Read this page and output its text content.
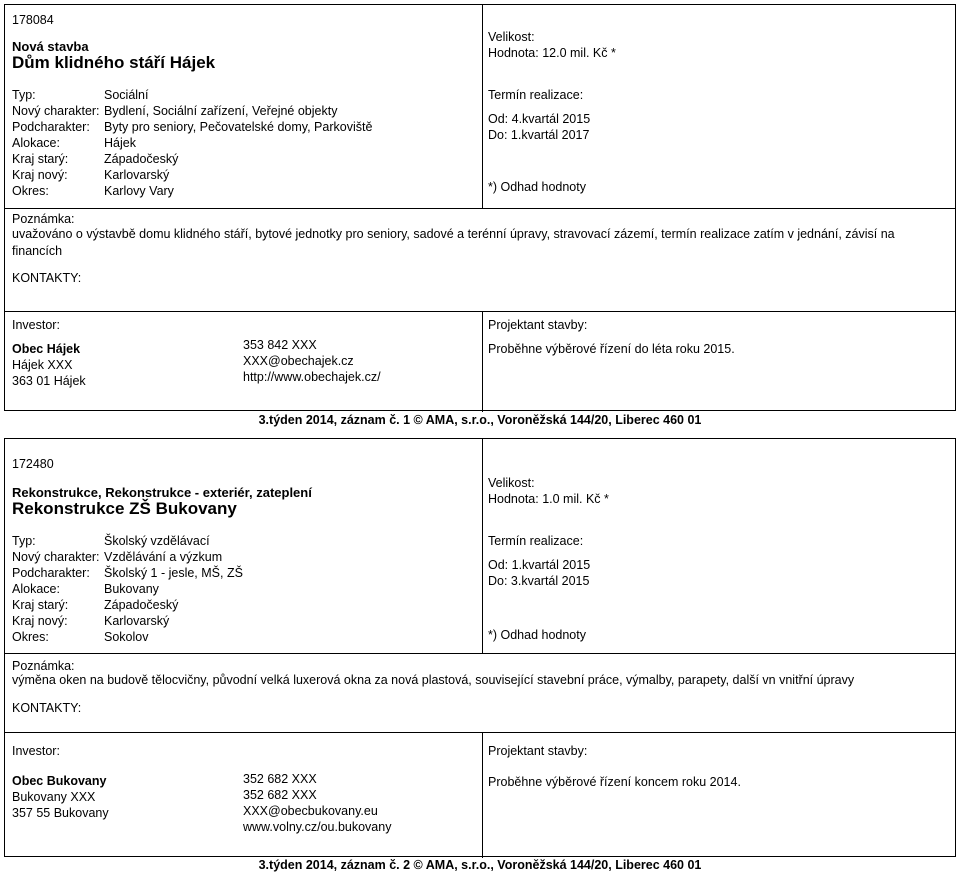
178084
Nová stavba
Dům klidného stáří Hájek
Typ:	Sociální
Nový charakter: Bydlení, Sociální zařízení, Veřejné objekty
Podcharakter: Byty pro seniory, Pečovatelské domy, Parkoviště
Alokace:	Hájek
Kraj starý:	Západočeský
Kraj nový:	Karlovarský
Okres:	Karlovy Vary
Velikost:
Hodnota: 12.0 mil. Kč *
Termín realizace:
Od: 4.kvartál 2015
Do: 1.kvartál 2017
*) Odhad hodnoty
Poznámka:
uvažováno o výstavbě domu klidného stáří, bytové jednotky pro seniory, sadové a terénní úpravy, stravovací zázemí, termín realizace zatím v jednání, závisí na financích
KONTAKTY:
Investor:
Obec Hájek
Hájek XXX
363 01 Hájek
353 842 XXX
XXX@obechajek.cz
http://www.obechajek.cz/
Projektant stavby:
Proběhne výběrové řízení do léta roku 2015.
3.týden 2014, záznam č. 1 © AMA, s.r.o., Voroněžská 144/20, Liberec 460 01
172480
Rekonstrukce, Rekonstrukce - exteriér, zateplení
Rekonstrukce ZŠ Bukovany
Typ:	Školský vzdělávací
Nový charakter: Vzdělávání a výzkum
Podcharakter: Školský 1 - jesle, MŠ, ZŠ
Alokace:	Bukovany
Kraj starý:	Západočeský
Kraj nový:	Karlovarský
Okres:	Sokolov
Velikost:
Hodnota: 1.0 mil. Kč *
Termín realizace:
Od: 1.kvartál 2015
Do: 3.kvartál 2015
*) Odhad hodnoty
Poznámka:
výměna oken na budově tělocvičny, původní velká luxerová okna za nová plastová, související stavební práce, výmalby, parapety, další vn vnitřní úpravy
KONTAKTY:
Investor:
Obec Bukovany
Bukovany XXX
357 55 Bukovany
352 682 XXX
352 682 XXX
XXX@obecbukovany.eu
www.volny.cz/ou.bukovany
Projektant stavby:
Proběhne výběrové řízení koncem roku 2014.
3.týden 2014, záznam č. 2 © AMA, s.r.o., Voroněžská 144/20, Liberec 460 01
